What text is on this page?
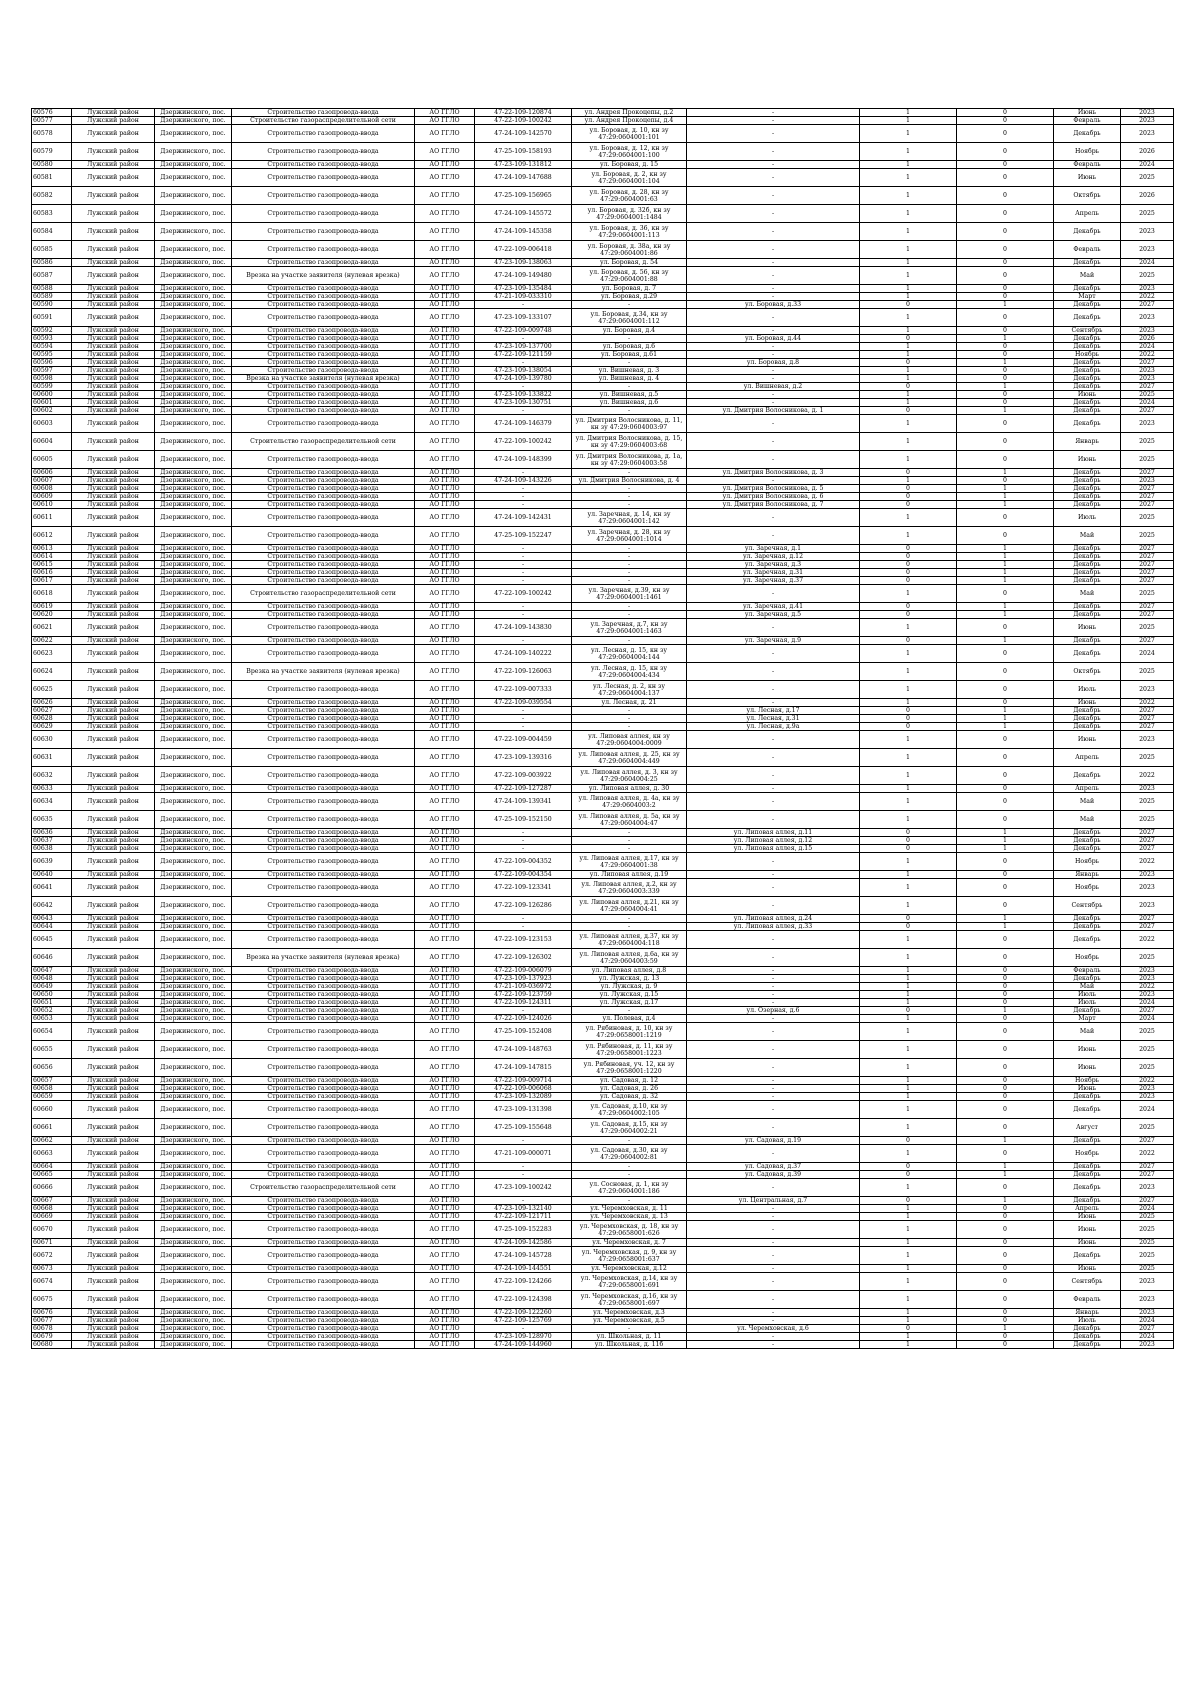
60576	Лужский район	Дзержинского, пос.	Строительство газопровода-ввода	АО ГГЛО	47-22-109-120874	ул. Андрея Прокоцепы, д.2	-	1	0	Июнь	2023
60577	Лужский район	Дзержинского, пос.	Строительство газораспределительной сети	АО ГГЛО	47-22-109-100242	ул. Андрея Прокоцепы, д.4	-	1	0	Февраль	2023
60578	Лужский район	Дзержинского, пос.	Строительство газопровода-ввода	АО ГГЛО	47-24-109-142570	ул. Боровая, д. 10, кн зу 47:29:0604001:101	-	1	0	Декабрь	2023
60579	Лужский район	Дзержинского, пос.	Строительство газопровода-ввода	АО ГГЛО	47-25-109-158193	ул. Боровая, д. 12, кн зу 47:29:0604001:100	-	1	0	Ноябрь	2026
60580	Лужский район	Дзержинского, пос.	Строительство газопровода-ввода	АО ГГЛО	47-23-109-131812	ул. Боровая, д. 15	-	1	0	Февраль	2024
60581	Лужский район	Дзержинского, пос.	Строительство газопровода-ввода	АО ГГЛО	47-24-109-147688	ул. Боровая, д. 2, кн зу 47:29:0604001:104	-	1	0	Июнь	2025
60582	Лужский район	Дзержинского, пос.	Строительство газопровода-ввода	АО ГГЛО	47-25-109-156965	ул. Боровая, д. 28, кн зу 47:29:0604001:63	-	1	0	Октябрь	2026
60583	Лужский район	Дзержинского, пос.	Строительство газопровода-ввода	АО ГГЛО	47-24-109-145572	ул. Боровая, д. 32б, кн зу 47:29:0604001:1484	-	1	0	Апрель	2025
60584	Лужский район	Дзержинского, пос.	Строительство газопровода-ввода	АО ГГЛО	47-24-109-145358	ул. Боровая, д. 36, кн зу 47:29:0604001:113	-	1	0	Декабрь	2023
60585	Лужский район	Дзержинского, пос.	Строительство газопровода-ввода	АО ГГЛО	47-22-109-006418	ул. Боровая, д. 38а, кн зу 47:29:0604001:86	-	1	0	Февраль	2023
60586	Лужский район	Дзержинского, пос.	Строительство газопровода-ввода	АО ГГЛО	47-23-109-138063	ул. Боровая, д. 54	-	1	0	Декабрь	2024
60587	Лужский район	Дзержинского, пос.	Врезка на участке заявителя (нулевая врезка)	АО ГГЛО	47-24-109-149480	ул. Боровая, д. 56, кн зу 47:29:0604001:88	-	1	0	Май	2025
60588	Лужский район	Дзержинского, пос.	Строительство газопровода-ввода	АО ГГЛО	47-23-109-135484	ул. Боровая, д. 7	-	1	0	Декабрь	2023
60589	Лужский район	Дзержинского, пос.	Строительство газопровода-ввода	АО ГГЛО	47-21-109-033310	ул. Боровая, д.29	-	1	0	Март	2022
60590	Лужский район	Дзержинского, пос.	Строительство газопровода-ввода	АО ГГЛО	-	-	ул. Боровая, д.33	0	1	Декабрь	2027
60591	Лужский район	Дзержинского, пос.	Строительство газопровода-ввода	АО ГГЛО	47-23-109-133107	ул. Боровая, д.34, кн зу 47:29:0604001:112	-	1	0	Декабрь	2023
60592	Лужский район	Дзержинского, пос.	Строительство газопровода-ввода	АО ГГЛО	47-22-109-009748	ул. Боровая, д.4	-	1	0	Сентябрь	2023
60593	Лужский район	Дзержинского, пос.	Строительство газопровода-ввода	АО ГГЛО	-	-	ул. Боровая, д.44	0	1	Декабрь	2026
60594	Лужский район	Дзержинского, пос.	Строительство газопровода-ввода	АО ГГЛО	47-23-109-137700	ул. Боровая, д.6	-	1	0	Декабрь	2024
60595	Лужский район	Дзержинского, пос.	Строительство газопровода-ввода	АО ГГЛО	47-22-109-121159	ул. Боровая, д.61	-	1	0	Ноябрь	2022
60596	Лужский район	Дзержинского, пос.	Строительство газопровода-ввода	АО ГГЛО	-	-	ул. Боровая, д.8	0	1	Декабрь	2027
60597	Лужский район	Дзержинского, пос.	Строительство газопровода-ввода	АО ГГЛО	47-23-109-138054	ул. Вишневая, д. 3	-	1	0	Декабрь	2023
60598	Лужский район	Дзержинского, пос.	Врезка на участке заявителя (нулевая врезка)	АО ГГЛО	47-24-109-139780	ул. Вишневая, д. 4	-	1	0	Декабрь	2023
60599	Лужский район	Дзержинского, пос.	Строительство газопровода-ввода	АО ГГЛО	-	-	ул. Вишневая, д.2	0	1	Декабрь	2027
60600	Лужский район	Дзержинского, пос.	Строительство газопровода-ввода	АО ГГЛО	47-23-109-133822	ул. Вишневая, д.5	-	1	0	Июнь	2025
60601	Лужский район	Дзержинского, пос.	Строительство газопровода-ввода	АО ГГЛО	47-23-109-130751	ул. Вишневая, д.6	-	1	0	Декабрь	2024
60602	Лужский район	Дзержинского, пос.	Строительство газопровода-ввода	АО ГГЛО	-	-	ул. Дмитрия Волосникова, д. 1	0	1	Декабрь	2027
60603	Лужский район	Дзержинского, пос.	Строительство газопровода-ввода	АО ГГЛО	47-24-109-146379	ул. Дмитрия Волосникова, д. 11, кн зу 47:29:0604003:97	-	1	0	Декабрь	2023
60604	Лужский район	Дзержинского, пос.	Строительство газораспределительной сети	АО ГГЛО	47-22-109-100242	ул. Дмитрия Волосникова, д. 15, кн зу 47:29:0604003:68	-	1	0	Январь	2025
60605	Лужский район	Дзержинского, пос.	Строительство газопровода-ввода	АО ГГЛО	47-24-109-148399	ул. Дмитрия Волосникова, д. 1а, кн зу 47:29:0604003:58	-	1	0	Июнь	2025
60606	Лужский район	Дзержинского, пос.	Строительство газопровода-ввода	АО ГГЛО	-	-	ул. Дмитрия Волосникова, д. 3	0	1	Декабрь	2027
60607	Лужский район	Дзержинского, пос.	Строительство газопровода-ввода	АО ГГЛО	47-24-109-143226	ул. Дмитрия Волосникова, д. 4	-	1	0	Декабрь	2023
60608	Лужский район	Дзержинского, пос.	Строительство газопровода-ввода	АО ГГЛО	-	-	ул. Дмитрия Волосникова, д. 5	0	1	Декабрь	2027
60609	Лужский район	Дзержинского, пос.	Строительство газопровода-ввода	АО ГГЛО	-	-	ул. Дмитрия Волосникова, д. 6	0	1	Декабрь	2027
60610	Лужский район	Дзержинского, пос.	Строительство газопровода-ввода	АО ГГЛО	-	-	ул. Дмитрия Волосникова, д. 7	0	1	Декабрь	2027
60611	Лужский район	Дзержинского, пос.	Строительство газопровода-ввода	АО ГГЛО	47-24-109-142431	ул. Заречная, д. 14, кн зу 47:29:0604001:142	-	1	0	Июль	2025
60612	Лужский район	Дзержинского, пос.	Строительство газопровода-ввода	АО ГГЛО	47-25-109-152247	ул. Заречная, д. 28, кн зу 47:29:0604001:1014	-	1	0	Май	2025
60613	Лужский район	Дзержинского, пос.	Строительство газопровода-ввода	АО ГГЛО	-	-	ул. Заречная, д.1	0	1	Декабрь	2027
60614	Лужский район	Дзержинского, пос.	Строительство газопровода-ввода	АО ГГЛО	-	-	ул. Заречная, д.12	0	1	Декабрь	2027
60615	Лужский район	Дзержинского, пос.	Строительство газопровода-ввода	АО ГГЛО	-	-	ул. Заречная, д.3	0	1	Декабрь	2027
60616	Лужский район	Дзержинского, пос.	Строительство газопровода-ввода	АО ГГЛО	-	-	ул. Заречная, д.31	0	1	Декабрь	2027
60617	Лужский район	Дзержинского, пос.	Строительство газопровода-ввода	АО ГГЛО	-	-	ул. Заречная, д.37	0	1	Декабрь	2027
60618	Лужский район	Дзержинского, пос.	Строительство газораспределительной сети	АО ГГЛО	47-22-109-100242	ул. Заречная, д.39, кн зу 47:29:0604001:1461	-	1	0	Май	2025
60619	Лужский район	Дзержинского, пос.	Строительство газопровода-ввода	АО ГГЛО	-	-	ул. Заречная, д.41	0	1	Декабрь	2027
60620	Лужский район	Дзержинского, пос.	Строительство газопровода-ввода	АО ГГЛО	-	-	ул. Заречная, д.5	0	1	Декабрь	2027
60621	Лужский район	Дзержинского, пос.	Строительство газопровода-ввода	АО ГГЛО	47-24-109-143830	ул. Заречная, д.7, кн зу 47:29:0604001:1463	-	1	0	Июнь	2025
60622	Лужский район	Дзержинского, пос.	Строительство газопровода-ввода	АО ГГЛО	-	-	ул. Заречная, д.9	0	1	Декабрь	2027
60623	Лужский район	Дзержинского, пос.	Строительство газопровода-ввода	АО ГГЛО	47-24-109-140222	ул. Лесная, д. 15, кн зу 47:29:0604004:144	-	1	0	Декабрь	2024
60624	Лужский район	Дзержинского, пос.	Врезка на участке заявителя (нулевая врезка)	АО ГГЛО	47-22-109-126063	ул. Лесная, д. 15, кн зу 47:29:0604004:434	-	1	0	Октябрь	2025
60625	Лужский район	Дзержинского, пос.	Строительство газопровода-ввода	АО ГГЛО	47-22-109-007333	ул. Лесная, д. 2, кн зу 47:29:0604004:137	-	1	0	Июль	2023
60626	Лужский район	Дзержинского, пос.	Строительство газопровода-ввода	АО ГГЛО	47-22-109-039554	ул. Лесная, д. 21	-	1	0	Июнь	2022
60627	Лужский район	Дзержинского, пос.	Строительство газопровода-ввода	АО ГГЛО	-	-	ул. Лесная, д.17	0	1	Декабрь	2027
60628	Лужский район	Дзержинского, пос.	Строительство газопровода-ввода	АО ГГЛО	-	-	ул. Лесная, д.31	0	1	Декабрь	2027
60629	Лужский район	Дзержинского, пос.	Строительство газопровода-ввода	АО ГГЛО	-	-	ул. Лесная, д.9а	0	1	Декабрь	2027
60630	Лужский район	Дзержинского, пос.	Строительство газопровода-ввода	АО ГГЛО	47-22-109-004459	ул. Липовая аллея, кн зу 47:29:0604004:0009	-	1	0	Июнь	2023
60631	Лужский район	Дзержинского, пос.	Строительство газопровода-ввода	АО ГГЛО	47-23-109-139316	ул. Липовая аллея, д. 25, кн зу 47:29:0604004:449	-	1	0	Апрель	2025
60632	Лужский район	Дзержинского, пос.	Строительство газопровода-ввода	АО ГГЛО	47-22-109-003922	ул. Липовая аллея, д. 3, кн зу 47:29:0604004:25	-	1	0	Декабрь	2022
60633	Лужский район	Дзержинского, пос.	Строительство газопровода-ввода	АО ГГЛО	47-22-109-127287	ул. Липовая аллея, д. 30	-	1	0	Апрель	2023
60634	Лужский район	Дзержинского, пос.	Строительство газопровода-ввода	АО ГГЛО	47-24-109-139341	ул. Липовая аллея, д. 4а, кн зу 47:29:0604003:2	-	1	0	Май	2025
60635	Лужский район	Дзержинского, пос.	Строительство газопровода-ввода	АО ГГЛО	47-25-109-152150	ул. Липовая аллея, д. 5а, кн зу 47:29:0604004:47	-	1	0	Май	2025
60636	Лужский район	Дзержинского, пос.	Строительство газопровода-ввода	АО ГГЛО	-	-	ул. Липовая аллея, д.11	0	1	Декабрь	2027
60637	Лужский район	Дзержинского, пос.	Строительство газопровода-ввода	АО ГГЛО	-	-	ул. Липовая аллея, д.12	0	1	Декабрь	2027
60638	Лужский район	Дзержинского, пос.	Строительство газопровода-ввода	АО ГГЛО	-	-	ул. Липовая аллея, д.15	0	1	Декабрь	2027
60639	Лужский район	Дзержинского, пос.	Строительство газопровода-ввода	АО ГГЛО	47-22-109-004352	ул. Липовая аллея, д.17, кн зу 47:29:0604001:38	-	1	0	Ноябрь	2022
60640	Лужский район	Дзержинского, пос.	Строительство газопровода-ввода	АО ГГЛО	47-22-109-004354	ул. Липовая аллея, д.19	-	1	0	Январь	2023
60641	Лужский район	Дзержинского, пос.	Строительство газопровода-ввода	АО ГГЛО	47-22-109-123341	ул. Липовая аллея, д.2, кн зу 47:29:0604003:339	-	1	0	Ноябрь	2023
60642	Лужский район	Дзержинского, пос.	Строительство газопровода-ввода	АО ГГЛО	47-22-109-126286	ул. Липовая аллея, д.21, кн зу 47:29:0604004:41	-	1	0	Сентябрь	2023
60643	Лужский район	Дзержинского, пос.	Строительство газопровода-ввода	АО ГГЛО	-	-	ул. Липовая аллея, д.24	0	1	Декабрь	2027
60644	Лужский район	Дзержинского, пос.	Строительство газопровода-ввода	АО ГГЛО	-	-	ул. Липовая аллея, д.33	0	1	Декабрь	2027
60645	Лужский район	Дзержинского, пос.	Строительство газопровода-ввода	АО ГГЛО	47-22-109-123153	ул. Липовая аллея, д.37, кн зу 47:29:0604004:118	-	1	0	Декабрь	2022
60646	Лужский район	Дзержинского, пос.	Врезка на участке заявителя (нулевая врезка)	АО ГГЛО	47-22-109-126302	ул. Липовая аллея, д.6а, кн зу 47:29:0604003:59	-	1	0	Ноябрь	2025
60647	Лужский район	Дзержинского, пос.	Строительство газопровода-ввода	АО ГГЛО	47-22-109-006079	ул. Липовая аллея, д.8	-	1	0	Февраль	2023
60648	Лужский район	Дзержинского, пос.	Строительство газопровода-ввода	АО ГГЛО	47-23-109-137923	ул. Лужская, д. 13	-	1	0	Декабрь	2023
60649	Лужский район	Дзержинского, пос.	Строительство газопровода-ввода	АО ГГЛО	47-21-109-036972	ул. Лужская, д. 9	-	1	0	Май	2022
60650	Лужский район	Дзержинского, пос.	Строительство газопровода-ввода	АО ГГЛО	47-22-109-123759	ул. Лужская, д.15	-	1	0	Июль	2023
60651	Лужский район	Дзержинского, пос.	Строительство газопровода-ввода	АО ГГЛО	47-22-109-124311	ул. Лужская, д.17	-	1	0	Июль	2024
60652	Лужский район	Дзержинского, пос.	Строительство газопровода-ввода	АО ГГЛО	-	-	ул. Озерная, д.6	0	1	Декабрь	2027
60653	Лужский район	Дзержинского, пос.	Строительство газопровода-ввода	АО ГГЛО	47-22-109-124026	ул. Полевая, д.4	-	1	0	Март	2024
60654	Лужский район	Дзержинского, пос.	Строительство газопровода-ввода	АО ГГЛО	47-25-109-152408	ул. Рябиновая, д. 10, кн зу 47:29:0658001:1219	-	1	0	Май	2025
60655	Лужский район	Дзержинского, пос.	Строительство газопровода-ввода	АО ГГЛО	47-24-109-148763	ул. Рябиновая, д. 11, кн зу 47:29:0658001:1223	-	1	0	Июнь	2025
60656	Лужский район	Дзержинского, пос.	Строительство газопровода-ввода	АО ГГЛО	47-24-109-147815	ул. Рябиновая, уч. 12, кн зу 47:29:0658001:1220	-	1	0	Июнь	2025
60657	Лужский район	Дзержинского, пос.	Строительство газопровода-ввода	АО ГГЛО	47-22-109-009714	ул. Садовая, д. 12	-	1	0	Ноябрь	2022
60658	Лужский район	Дзержинского, пос.	Строительство газопровода-ввода	АО ГГЛО	47-22-109-006068	ул. Садовая, д. 26	-	1	0	Июнь	2023
60659	Лужский район	Дзержинского, пос.	Строительство газопровода-ввода	АО ГГЛО	47-23-109-132089	ул. Садовая, д. 32	-	1	0	Декабрь	2023
60660	Лужский район	Дзержинского, пос.	Строительство газопровода-ввода	АО ГГЛО	47-23-109-131398	ул. Садовая, д.10, кн зу 47:29:0604002:105	-	1	0	Декабрь	2024
60661	Лужский район	Дзержинского, пос.	Строительство газопровода-ввода	АО ГГЛО	47-25-109-155648	ул. Садовая, д.15, кн зу 47:29:0604002:21	-	1	0	Август	2025
60662	Лужский район	Дзержинского, пос.	Строительство газопровода-ввода	АО ГГЛО	-	-	ул. Садовая, д.19	0	1	Декабрь	2027
60663	Лужский район	Дзержинского, пос.	Строительство газопровода-ввода	АО ГГЛО	47-21-109-000071	ул. Садовая, д.30, кн зу 47:29:0604002:81	-	1	0	Ноябрь	2022
60664	Лужский район	Дзержинского, пос.	Строительство газопровода-ввода	АО ГГЛО	-	-	ул. Садовая, д.37	0	1	Декабрь	2027
60665	Лужский район	Дзержинского, пос.	Строительство газопровода-ввода	АО ГГЛО	-	-	ул. Садовая, д.39	0	1	Декабрь	2027
60666	Лужский район	Дзержинского, пос.	Строительство газораспределительной сети	АО ГГЛО	47-23-109-100242	ул. Сосновая, д. 1, кн зу 47:29:0604001:186	-	1	0	Декабрь	2023
60667	Лужский район	Дзержинского, пос.	Строительство газопровода-ввода	АО ГГЛО	-	-	ул. Центральная, д.7	0	1	Декабрь	2027
60668	Лужский район	Дзержинского, пос.	Строительство газопровода-ввода	АО ГГЛО	47-23-109-132140	ул. Черемховская, д. 11	-	1	0	Апрель	2024
60669	Лужский район	Дзержинского, пос.	Строительство газопровода-ввода	АО ГГЛО	47-22-109-121711	ул. Черемховская, д. 13	-	1	0	Июнь	2025
60670	Лужский район	Дзержинского, пос.	Строительство газопровода-ввода	АО ГГЛО	47-25-109-152283	ул. Черемховская, д. 18, кн зу 47:29:0658001:626	-	1	0	Июнь	2025
60671	Лужский район	Дзержинского, пос.	Строительство газопровода-ввода	АО ГГЛО	47-24-109-142586	ул. Черемховская, д. 7	-	1	0	Июнь	2025
60672	Лужский район	Дзержинского, пос.	Строительство газопровода-ввода	АО ГГЛО	47-24-109-145728	ул. Черемховская, д. 9, кн зу 47:29:0658001:637	-	1	0	Декабрь	2025
60673	Лужский район	Дзержинского, пос.	Строительство газопровода-ввода	АО ГГЛО	47-24-109-144551	ул. Черемховская, д.12	-	1	0	Июнь	2025
60674	Лужский район	Дзержинского, пос.	Строительство газопровода-ввода	АО ГГЛО	47-22-109-124266	ул. Черемховская, д.14, кн зу 47:29:0658001:691	-	1	0	Сентябрь	2023
60675	Лужский район	Дзержинского, пос.	Строительство газопровода-ввода	АО ГГЛО	47-22-109-124398	ул. Черемховская, д.16, кн зу 47:29:0658001:697	-	1	0	Февраль	2023
60676	Лужский район	Дзержинского, пос.	Строительство газопровода-ввода	АО ГГЛО	47-22-109-122260	ул. Черемховская, д.3	-	1	0	Январь	2023
60677	Лужский район	Дзержинского, пос.	Строительство газопровода-ввода	АО ГГЛО	47-22-109-125769	ул. Черемховская, д.5	-	1	0	Июль	2024
60678	Лужский район	Дзержинского, пос.	Строительство газопровода-ввода	АО ГГЛО	-	-	ул. Черемховская, д.6	0	1	Декабрь	2027
60679	Лужский район	Дзержинского, пос.	Строительство газопровода-ввода	АО ГГЛО	47-23-109-128970	ул. Школьная, д. 11	-	1	0	Декабрь	2024
60680	Лужский район	Дзержинского, пос.	Строительство газопровода-ввода	АО ГГЛО	47-24-109-144960	ул. Школьная, д. 11б	-	1	0	Декабрь	2023
